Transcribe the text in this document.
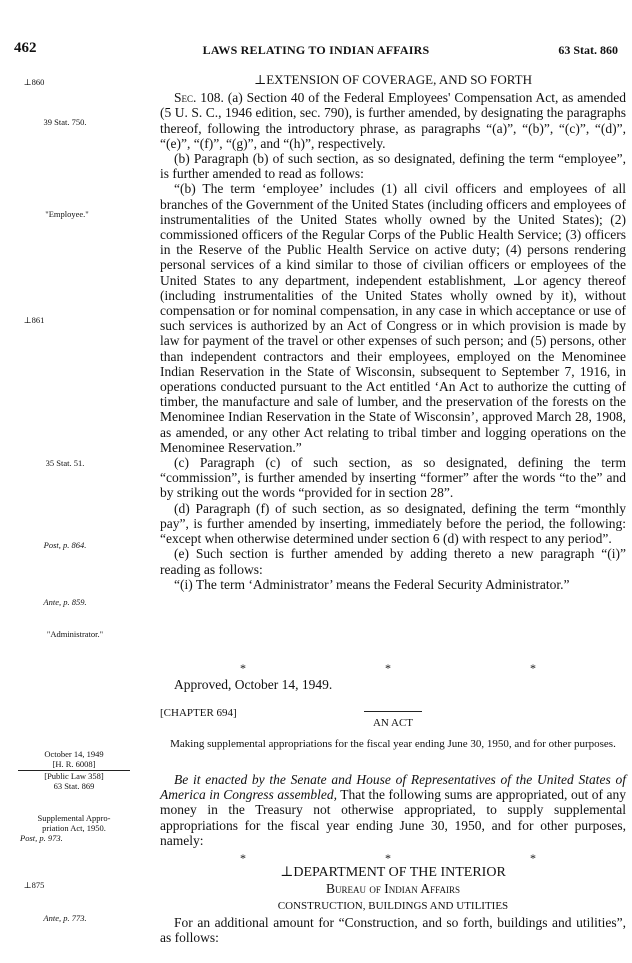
462	LAWS RELATING TO INDIAN AFFAIRS	63 Stat. 860
⊥860
39 Stat. 750.
"Employee."
⊥861
35 Stat. 51.
Post, p. 864.
Ante, p. 859.
"Administrator."
October 14, 1949
[H. R. 6008]
[Public Law 358]
63 Stat. 869
Supplemental Appro-
priation Act, 1950.
Post, p. 973.
⊥875
Ante, p. 773.

⊥EXTENSION OF COVERAGE, AND SO FORTH

Sec. 108. (a) Section 40 of the Federal Employees' Compensation Act, as amended (5 U. S. C., 1946 edition, sec. 790), is further amended, by designating the paragraphs thereof, following the introductory phrase, as paragraphs “(a)”, “(b)”, “(c)”, “(d)”, “(e)”, “(f)”, “(g)”, and “(h)”, respectively.

(b) Paragraph (b) of such section, as so designated, defining the term “employee”, is further amended to read as follows:

“(b) The term ‘employee’ includes (1) all civil officers and employees of all branches of the Government of the United States (including officers and employees of instrumentalities of the United States wholly owned by the United States); (2) commissioned officers of the Regular Corps of the Public Health Service; (3) officers in the Reserve of the Public Health Service on active duty; (4) persons rendering personal services of a kind similar to those of civilian officers or employees of the United States to any department, independent establishment, ⊥or agency thereof (including instrumentalities of the United States wholly owned by it), without compensation or for nominal compensation, in any case in which acceptance or use of such services is authorized by an Act of Congress or in which provision is made by law for payment of the travel or other expenses of such person; and (5) persons, other than independent contractors and their employees, employed on the Menominee Indian Reservation in the State of Wisconsin, subsequent to September 7, 1916, in operations conducted pursuant to the Act entitled ‘An Act to authorize the cutting of timber, the manufacture and sale of lumber, and the preservation of the forests on the Menominee Indian Reservation in the State of Wisconsin’, approved March 28, 1908, as amended, or any other Act relating to tribal timber and logging operations on the Menominee Reservation.”

(c) Paragraph (c) of such section, as so designated, defining the term “commission”, is further amended by inserting “former” after the words “to the” and by striking out the words “provided for in section 28”.

(d) Paragraph (f) of such section, as so designated, defining the term “monthly pay”, is further amended by inserting, immediately before the period, the following: “except when otherwise determined under section 6 (d) with respect to any period”.

(e) Such section is further amended by adding thereto a new paragraph “(i)” reading as follows:

“(i) The term ‘Administrator’ means the Federal Security Administrator.”

*	*	*

Approved, October 14, 1949.

[CHAPTER 694]
AN ACT
Making supplemental appropriations for the fiscal year ending June 30, 1950, and for other purposes.

Be it enacted by the Senate and House of Representatives of the United States of America in Congress assembled, That the following sums are appropriated, out of any money in the Treasury not otherwise appropriated, to supply supplemental appropriations for the fiscal year ending June 30, 1950, and for other purposes, namely:

*	*	*
⊥DEPARTMENT OF THE INTERIOR
Bureau of Indian Affairs
CONSTRUCTION, BUILDINGS AND UTILITIES

For an additional amount for “Construction, and so forth, buildings and utilities”, as follows:
